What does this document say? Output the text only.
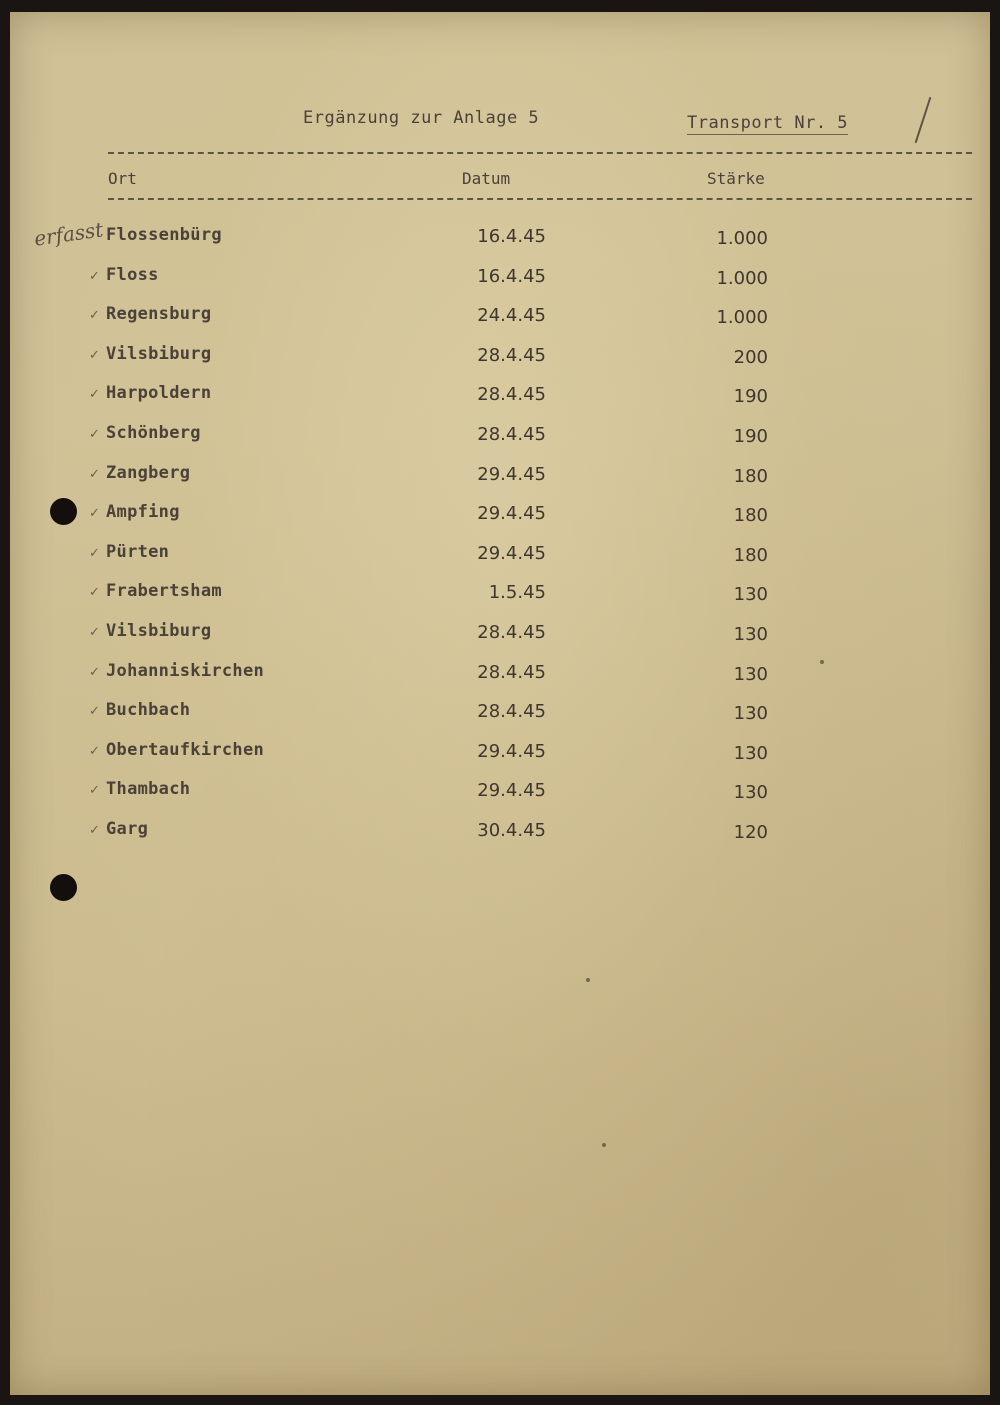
Ergänzung zur Anlage 5	Transport Nr. 5
Ort	Datum	Stärke
erfasst Flossenbürg	16.4.45	1.000
✓ Floss	16.4.45	1.000
✓ Regensburg	24.4.45	1.000
✓ Vilsbiburg	28.4.45	200
✓ Harpoldern	28.4.45	190
✓ Schönberg	28.4.45	190
✓ Zangberg	29.4.45	180
✓ Ampfing	29.4.45	180
✓ Pürten	29.4.45	180
✓ Frabertsham	1.5.45	130
✓ Vilsbiburg	28.4.45	130
✓ Johanniskirchen	28.4.45	130
✓ Buchbach	28.4.45	130
✓ Obertaufkirchen	29.4.45	130
✓ Thambach	29.4.45	130
✓ Garg	30.4.45	120
